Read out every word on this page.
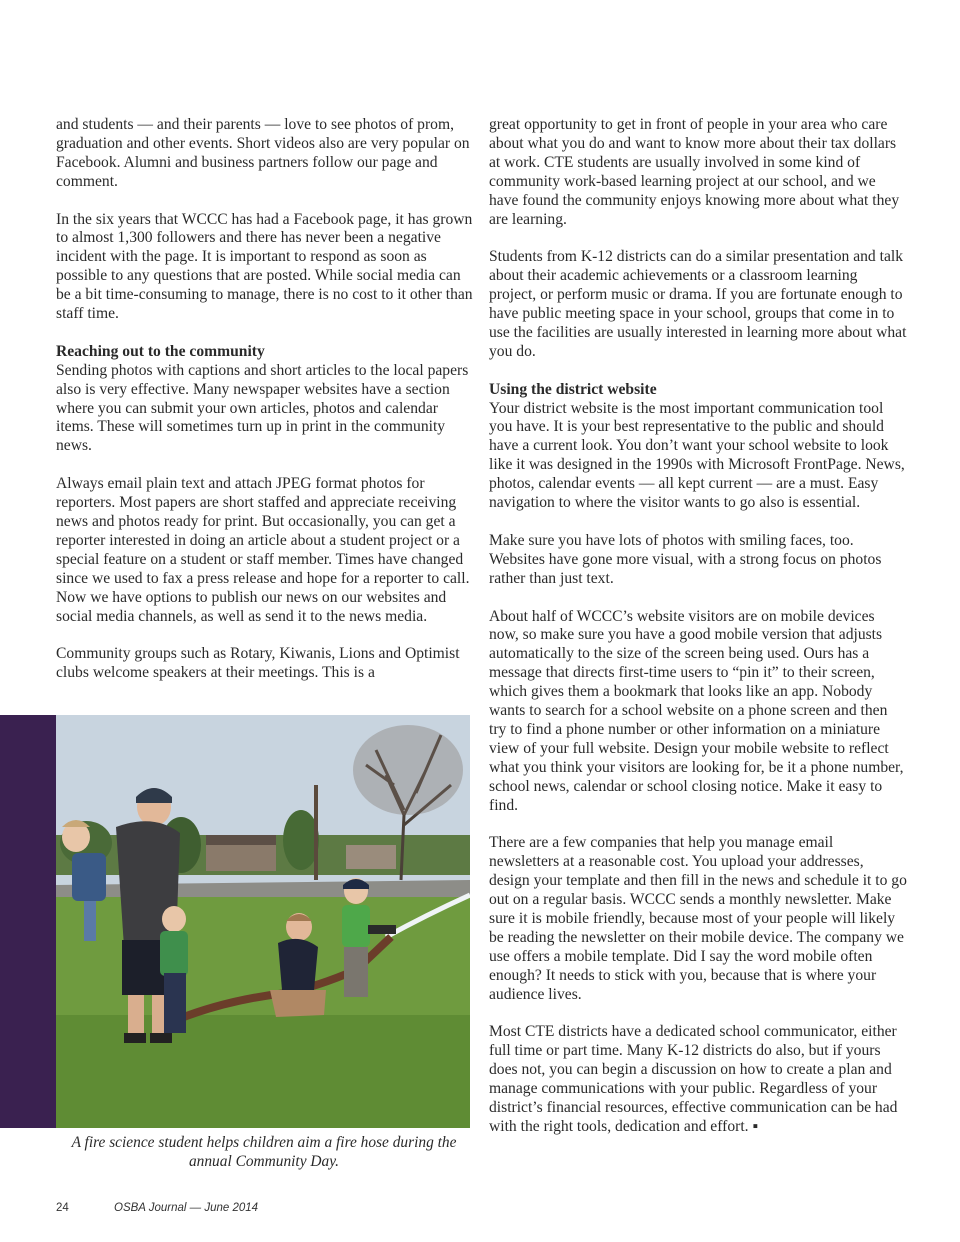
and students — and their parents — love to see photos of prom, graduation and other events. Short videos also are very popular on Facebook. Alumni and business partners follow our page and comment.

In the six years that WCCC has had a Facebook page, it has grown to almost 1,300 followers and there has never been a negative incident with the page. It is important to respond as soon as possible to any questions that are posted. While social media can be a bit time-consuming to manage, there is no cost to it other than staff time.

Reaching out to the community

Sending photos with captions and short articles to the local papers also is very effective. Many newspaper websites have a section where you can submit your own articles, photos and calendar items. These will sometimes turn up in print in the community news.

Always email plain text and attach JPEG format photos for reporters. Most papers are short staffed and appreciate receiving news and photos ready for print. But occasionally, you can get a reporter interested in doing an article about a student project or a special feature on a student or staff member. Times have changed since we used to fax a press release and hope for a reporter to call. Now we have options to publish our news on our websites and social media channels, as well as send it to the news media.

Community groups such as Rotary, Kiwanis, Lions and Optimist clubs welcome speakers at their meetings. This is a

great opportunity to get in front of people in your area who care about what you do and want to know more about their tax dollars at work. CTE students are usually involved in some kind of community work-based learning project at our school, and we have found the community enjoys knowing more about what they are learning.

Students from K-12 districts can do a similar presentation and talk about their academic achievements or a classroom learning project, or perform music or drama. If you are fortunate enough to have public meeting space in your school, groups that come in to use the facilities are usually interested in learning more about what you do.

Using the district website

Your district website is the most important communication tool you have. It is your best representative to the public and should have a current look. You don’t want your school website to look like it was designed in the 1990s with Microsoft FrontPage. News, photos, calendar events — all kept current — are a must. Easy navigation to where the visitor wants to go also is essential.

Make sure you have lots of photos with smiling faces, too. Websites have gone more visual, with a strong focus on photos rather than just text.

About half of WCCC’s website visitors are on mobile devices now, so make sure you have a good mobile version that adjusts automatically to the size of the screen being used. Ours has a message that directs first-time users to “pin it” to their screen, which gives them a bookmark that looks like an app. Nobody wants to search for a school website on a phone screen and then try to find a phone number or other information on a miniature view of your full website. Design your mobile website to reflect what you think your visitors are looking for, be it a phone number, school news, calendar or school closing notice. Make it easy to find.

There are a few companies that help you manage email newsletters at a reasonable cost. You upload your addresses, design your template and then fill in the news and schedule it to go out on a regular basis. WCCC sends a monthly newsletter. Make sure it is mobile friendly, because most of your people will likely be reading the newsletter on their mobile device. The company we use offers a mobile template. Did I say the word mobile often enough? It needs to stick with you, because that is where your audience lives.

Most CTE districts have a dedicated school communicator, either full time or part time. Many K-12 districts do also, but if yours does not, you can begin a discussion on how to create a plan and manage communications with your public. Regardless of your district’s financial resources, effective communication can be had with the right tools, dedication and effort. ▪

A fire science student helps children aim a fire hose during the annual Community Day.
24	OSBA Journal — June 2014
